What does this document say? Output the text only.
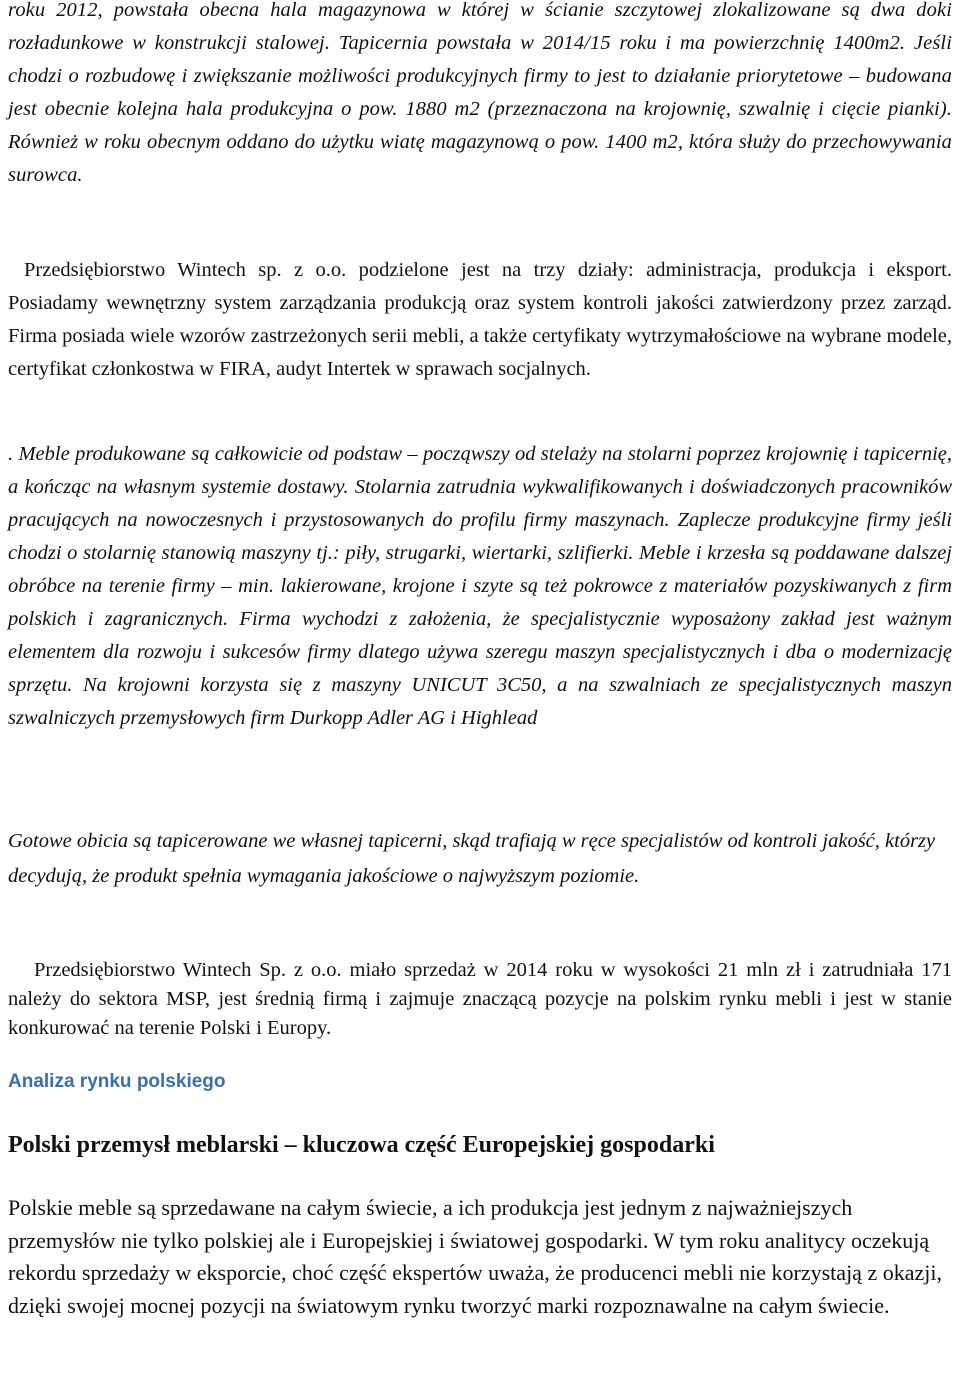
roku 2012, powstała obecna hala magazynowa w której w ścianie szczytowej zlokalizowane są dwa doki rozładunkowe w konstrukcji stalowej. Tapicernia powstała w 2014/15 roku i ma powierzchnię 1400m2. Jeśli chodzi o rozbudowę i zwiększanie możliwości produkcyjnych firmy to jest to działanie priorytetowe – budowana jest obecnie kolejna hala produkcyjna o pow. 1880 m2 (przeznaczona na krojownię, szwalnię i cięcie pianki). Również w roku obecnym oddano do użytku wiatę magazynową o pow. 1400 m2, która służy do przechowywania surowca.

Przedsiębiorstwo Wintech sp. z o.o. podzielone jest na trzy działy: administracja, produkcja i eksport. Posiadamy wewnętrzny system zarządzania produkcją oraz system kontroli jakości zatwierdzony przez zarząd. Firma posiada wiele wzorów zastrzeżonych serii mebli, a także certyfikaty wytrzymałościowe na wybrane modele, certyfikat członkostwa w FIRA, audyt Intertek w sprawach socjalnych.

. Meble produkowane są całkowicie od podstaw – począwszy od stelaży na stolarni poprzez krojownię i tapicernię, a kończąc na własnym systemie dostawy. Stolarnia zatrudnia wykwalifikowanych i doświadczonych pracowników pracujących na nowoczesnych i przystosowanych do profilu firmy maszynach. Zaplecze produkcyjne firmy jeśli chodzi o stolarnię stanowią maszyny tj.: piły, strugarki, wiertarki, szlifierki. Meble i krzesła są poddawane dalszej obróbce na terenie firmy – min. lakierowane, krojone i szyte są też pokrowce z materiałów pozyskiwanych z firm polskich i zagranicznych. Firma wychodzi z założenia, że specjalistycznie wyposażony zakład jest ważnym elementem dla rozwoju i sukcesów firmy dlatego używa szeregu maszyn specjalistycznych i dba o modernizację sprzętu. Na krojowni korzysta się z maszyny UNICUT 3C50, a na szwalniach ze specjalistycznych maszyn szwalniczych przemysłowych firm Durkopp Adler AG i Highlead

Gotowe obicia są tapicerowane we własnej tapicerni, skąd trafiają w ręce specjalistów od kontroli jakość, którzy decydują, że produkt spełnia wymagania jakościowe o najwyższym poziomie.

Przedsiębiorstwo Wintech Sp. z o.o. miało sprzedaż w 2014 roku w wysokości 21 mln zł i zatrudniała 171 należy do sektora MSP, jest średnią firmą i zajmuje znaczącą pozycje na polskim rynku mebli i jest w stanie konkurować na terenie Polski i Europy.

Analiza rynku polskiego
Polski przemysł meblarski – kluczowa część Europejskiej gospodarki

Polskie meble są sprzedawane na całym świecie, a ich produkcja jest jednym z najważniejszych przemysłów nie tylko polskiej ale i Europejskiej i światowej gospodarki. W tym roku analitycy oczekują rekordu sprzedaży w eksporcie, choć część ekspertów uważa, że producenci mebli nie korzystają z okazji, dzięki swojej mocnej pozycji na światowym rynku tworzyć marki rozpoznawalne na całym świecie.
